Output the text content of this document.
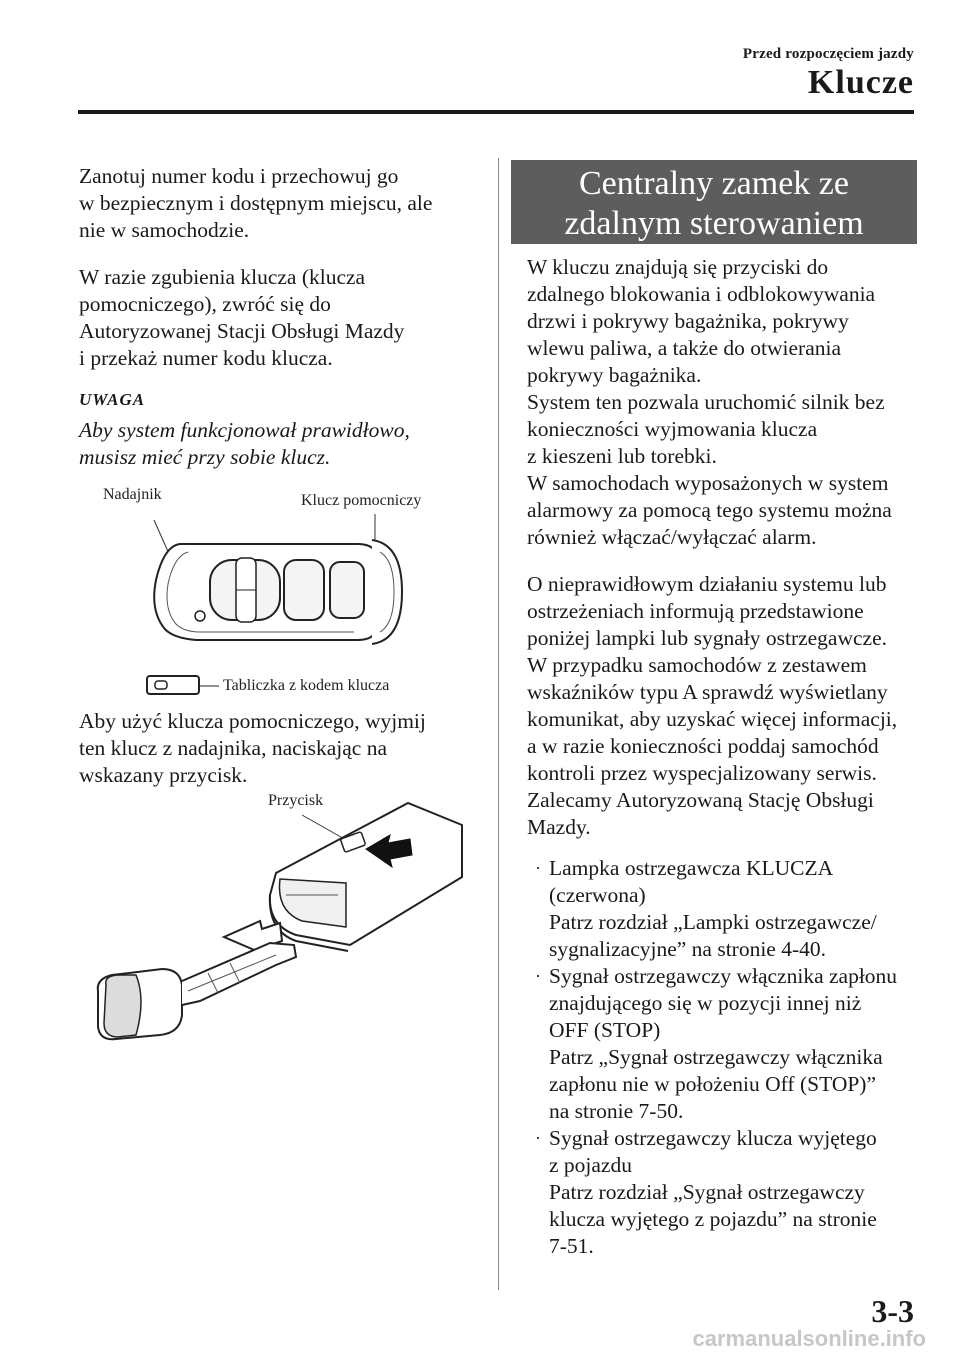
Przed rozpoczęciem jazdy
Klucze

Zanotuj numer kodu i przechowuj go
w bezpiecznym i dostępnym miejscu, ale
nie w samochodzie.

W razie zgubienia klucza (klucza
pomocniczego), zwróć się do
Autoryzowanej Stacji Obsługi Mazdy
i przekaż numer kodu klucza.

UWAGA

Aby system funkcjonował prawidłowo,
musisz mieć przy sobie klucz.

Nadajnik	Klucz pomocniczy
Tabliczka z kodem klucza

Aby użyć klucza pomocniczego, wyjmij
ten klucz z nadajnika, naciskając na
wskazany przycisk.

Przycisk
Centralny zamek ze
zdalnym sterowaniem

W kluczu znajdują się przyciski do
zdalnego blokowania i odblokowywania
drzwi i pokrywy bagażnika, pokrywy
wlewu paliwa, a także do otwierania
pokrywy bagażnika.
System ten pozwala uruchomić silnik bez
konieczności wyjmowania klucza
z kieszeni lub torebki.
W samochodach wyposażonych w system
alarmowy za pomocą tego systemu można
również włączać/wyłączać alarm.

O nieprawidłowym działaniu systemu lub
ostrzeżeniach informują przedstawione
poniżej lampki lub sygnały ostrzegawcze.
W przypadku samochodów z zestawem
wskaźników typu A sprawdź wyświetlany
komunikat, aby uzyskać więcej informacji,
a w razie konieczności poddaj samochód
kontroli przez wyspecjalizowany serwis.
Zalecamy Autoryzowaną Stację Obsługi
Mazdy.

· Lampka ostrzegawcza KLUCZA
(czerwona)
Patrz rozdział „Lampki ostrzegawcze/
sygnalizacyjne” na stronie 4-40.
· Sygnał ostrzegawczy włącznika zapłonu
znajdującego się w pozycji innej niż
OFF (STOP)
Patrz „Sygnał ostrzegawczy włącznika
zapłonu nie w położeniu Off (STOP)”
na stronie 7-50.
· Sygnał ostrzegawczy klucza wyjętego
z pojazdu
Patrz rozdział „Sygnał ostrzegawczy
klucza wyjętego z pojazdu” na stronie
7-51.
3-3
carmanualsonline.info
